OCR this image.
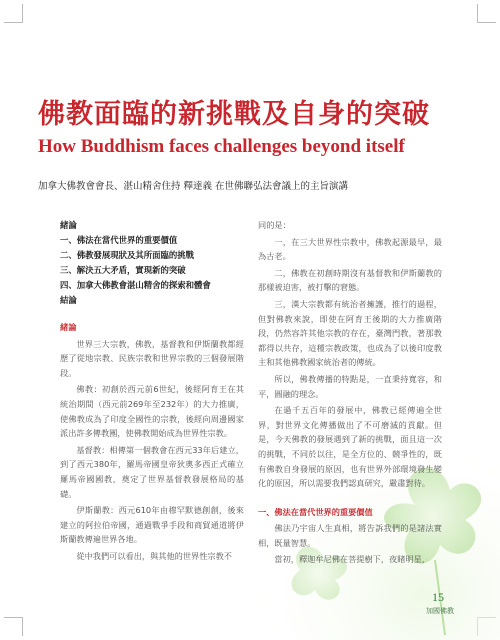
佛教面臨的新挑戰及自身的突破
How Buddhism faces challenges beyond itself
加拿大佛教會會長、湛山精舍住持 釋達義 在世佛聯弘法會議上的主旨演講
緒論
一、佛法在當代世界的重要價值
二、佛教發展現狀及其所面臨的挑戰
三、解決五大矛盾，實現新的突破
四、加拿大佛教會湛山精舍的探索和體會
結論
緒論

世界三大宗教，佛教，基督教和伊斯蘭教都經歷了從地宗教、民族宗教和世界宗教的三個發展階段。

佛教：初創於西元前6世紀，後經阿育王在其統治期間（西元前269年至232年）的大力推廣，使佛教成為了印度全國性的宗教，後經向周邊國家派出許多傳教團，使佛教開始成為世界性宗教。

基督教：相傳第一個教會在西元33年后建立，到了西元380年，羅馬帝國皇帝狄奧多西正式確立羅馬帝國國教，奠定了世界基督教發展格局的基礎。

伊斯蘭教：西元610年由穆罕默德創創，後來建立的阿拉伯帝國，通過戰爭手段和商貿通道將伊斯蘭教傳遍世界各地。

從中我們可以看出，與其他的世界性宗教不

同的是：

一，在三大世界性宗教中，佛教起源最早，最為古老。

二，佛教在初創時期沒有基督教和伊斯蘭教的那樣被迫害，被打擊的窘態。

三，漢大宗教都有統治者擁護，推行的過程，但對佛教來說，即使在阿育王後期的大力推廣階段，仍然容許其他宗教的存在，臺灣門教，著那教都得以共存，這種宗教政策，也成為了以後印度教主和其他佛教國家統治者的傳統。

所以，佛教傳播的特點是，一直秉持寬容，和平，圓融的理念。

在過千五百年的發展中，佛教已經傳遍全世界，對世界文化傳播做出了不可磨滅的貢獻。但是，今天佛教的發展遇到了新的挑戰，面且這一次的挑戰，不同於以往，是全方位的、競爭性的，既有佛教自身發展的原因，也有世界外部環境發生變化的原因，所以需要我們認真研究，嚴肅對待。

一、佛法在當代世界的重要價值

佛法乃宇宙人生真相，將告訴我們的是諸法實相，既量智慧。

當初，釋迦牟尼佛在菩提樹下，夜睹明星，

15
加國佛教
